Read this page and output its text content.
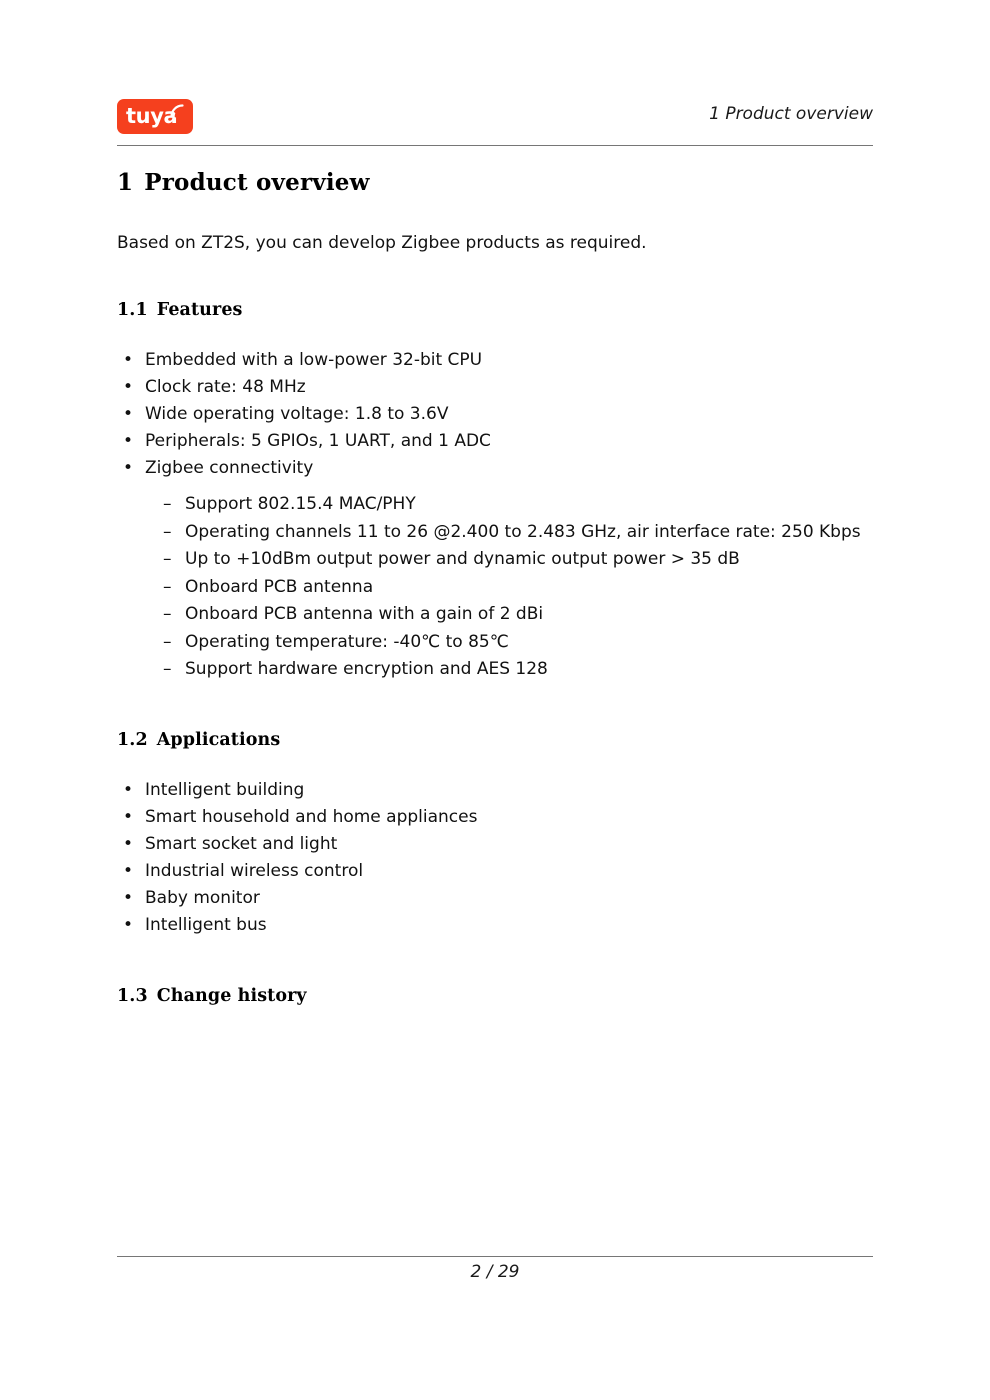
tuya	1 Product overview
1 Product overview

Based on ZT2S, you can develop Zigbee products as required.

1.1 Features
• Embedded with a low-power 32-bit CPU
• Clock rate: 48 MHz
• Wide operating voltage: 1.8 to 3.6V
• Peripherals: 5 GPIOs, 1 UART, and 1 ADC
• Zigbee connectivity
– Support 802.15.4 MAC/PHY
– Operating channels 11 to 26 @2.400 to 2.483 GHz, air interface rate: 250 Kbps
– Up to +10dBm output power and dynamic output power > 35 dB
– Onboard PCB antenna
– Onboard PCB antenna with a gain of 2 dBi
– Operating temperature: -40℃ to 85℃
– Support hardware encryption and AES 128
1.2 Applications
• Intelligent building
• Smart household and home appliances
• Smart socket and light
• Industrial wireless control
• Baby monitor
• Intelligent bus
1.3 Change history
2 / 29
